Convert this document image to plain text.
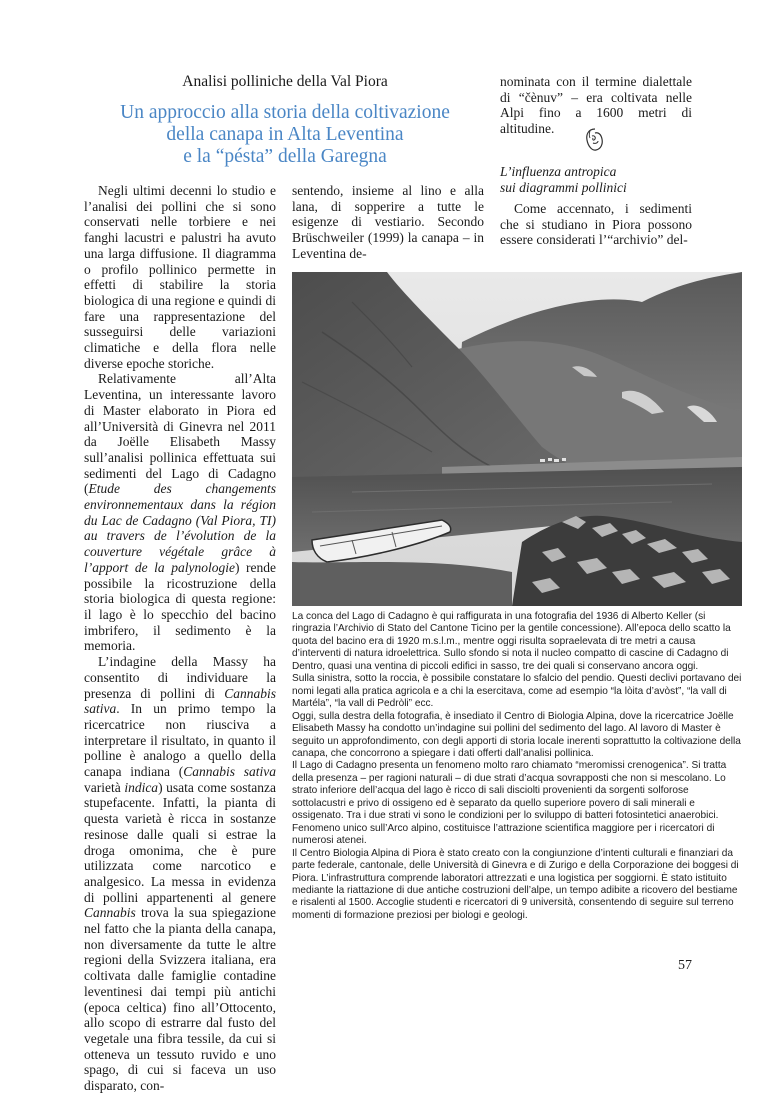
Analisi polliniche della Val Piora
Un approccio alla storia della coltivazione
della canapa in Alta Leventina
e la “pésta” della Garegna

Negli ultimi decenni lo studio e l’analisi dei pollini che si sono conservati nelle torbiere e nei fanghi lacustri e palustri ha avuto una larga diffusione. Il diagramma o profilo pollinico permette in effetti di stabilire la storia biologica di una regione e quindi di fare una rappresentazione del susseguirsi delle variazioni climatiche e della flora nelle diverse epoche storiche.

Relativamente all’Alta Leventina, un interessante lavoro di Master elaborato in Piora ed all’Università di Ginevra nel 2011 da Joëlle Elisabeth Massy sull’analisi pollinica effettuata sui sedimenti del Lago di Cadagno (Etude des changements environnementaux dans la région du Lac de Cadagno (Val Piora, TI) au travers de l’évolution de la couverture végétale grâce à l’apport de la palynologie) rende possibile la ricostruzione della storia biologica di questa regione: il lago è lo specchio del bacino imbrifero, il sedimento è la memoria.

L’indagine della Massy ha consentito di individuare la presenza di pollini di Cannabis sativa. In un primo tempo la ricercatrice non riusciva a interpretare il risultato, in quanto il polline è analogo a quello della canapa indiana (Cannabis sativa varietà indica) usata come sostanza stupefacente. Infatti, la pianta di questa varietà è ricca in sostanze resinose dalle quali si estrae la droga omonima, che è pure utilizzata come narcotico e analgesico. La messa in evidenza di pollini appartenenti al genere Cannabis trova la sua spiegazione nel fatto che la pianta della canapa, non diversamente da tutte le altre regioni della Svizzera italiana, era coltivata dalle famiglie contadine leventinesi dai tempi più antichi (epoca celtica) fino all’Ottocento, allo scopo di estrarre dal fusto del vegetale una fibra tessile, da cui si otteneva un tessuto ruvido e uno spago, di cui si faceva un uso disparato, con-

sentendo, insieme al lino e alla lana, di sopperire a tutte le esigenze di vestiario. Secondo Brüschweiler (1999) la canapa – in Leventina de-

nominata con il termine dialettale di “čènuv” – era coltivata nelle Alpi fino a 1600 metri di altitudine.

L’influenza antropica
sui diagrammi pollinici

Come accennato, i sedimenti che si studiano in Piora possono essere considerati l’“archivio” del-

La conca del Lago di Cadagno è qui raffigurata in una fotografia del 1936 di Alberto Keller (si ringrazia l’Archivio di Stato del Cantone Ticino per la gentile concessione). All’epoca dello scatto la quota del bacino era di 1920 m.s.l.m., mentre oggi risulta sopraelevata di tre metri a causa d’interventi di natura idroelettrica. Sullo sfondo si nota il nucleo compatto di cascine di Cadagno di Dentro, quasi una ventina di piccoli edifici in sasso, tre dei quali si conservano ancora oggi.

Sulla sinistra, sotto la roccia, è possibile constatare lo sfalcio del pendio. Questi declivi portavano dei nomi legati alla pratica agricola e a chi la esercitava, come ad esempio “la lòita d’avòst”, “la vall di Martéla”, “la vall di Pedròli” ecc.

Oggi, sulla destra della fotografia, è insediato il Centro di Biologia Alpina, dove la ricercatrice Joëlle Elisabeth Massy ha condotto un’indagine sui pollini del sedimento del lago. Al lavoro di Master è seguito un approfondimento, con degli apporti di storia locale inerenti soprattutto la coltivazione della canapa, che concorrono a spiegare i dati offerti dall’analisi pollinica.

Il Lago di Cadagno presenta un fenomeno molto raro chiamato “meromissi crenogenica”. Si tratta della presenza – per ragioni naturali – di due strati d’acqua sovrapposti che non si mescolano. Lo strato inferiore dell’acqua del lago è ricco di sali disciolti provenienti da sorgenti solforose sottolacustri e privo di ossigeno ed è separato da quello superiore povero di sali minerali e ossigenato. Tra i due strati vi sono le condizioni per lo sviluppo di batteri fotosintetici anaerobici. Fenomeno unico sull’Arco alpino, costituisce l’attrazione scientifica maggiore per i ricercatori di numerosi atenei.

Il Centro Biologia Alpina di Piora è stato creato con la congiunzione d’intenti culturali e finanziari da parte federale, cantonale, delle Università di Ginevra e di Zurigo e della Corporazione dei boggesi di Piora. L’infrastruttura comprende laboratori attrezzati e una logistica per soggiorni. È stato istituito mediante la riattazione di due antiche costruzioni dell’alpe, un tempo adibite a ricovero del bestiame e risalenti al 1500. Accoglie studenti e ricercatori di 9 università, consentendo di seguire sul terreno momenti di formazione preziosi per biologi e geologi.

57
